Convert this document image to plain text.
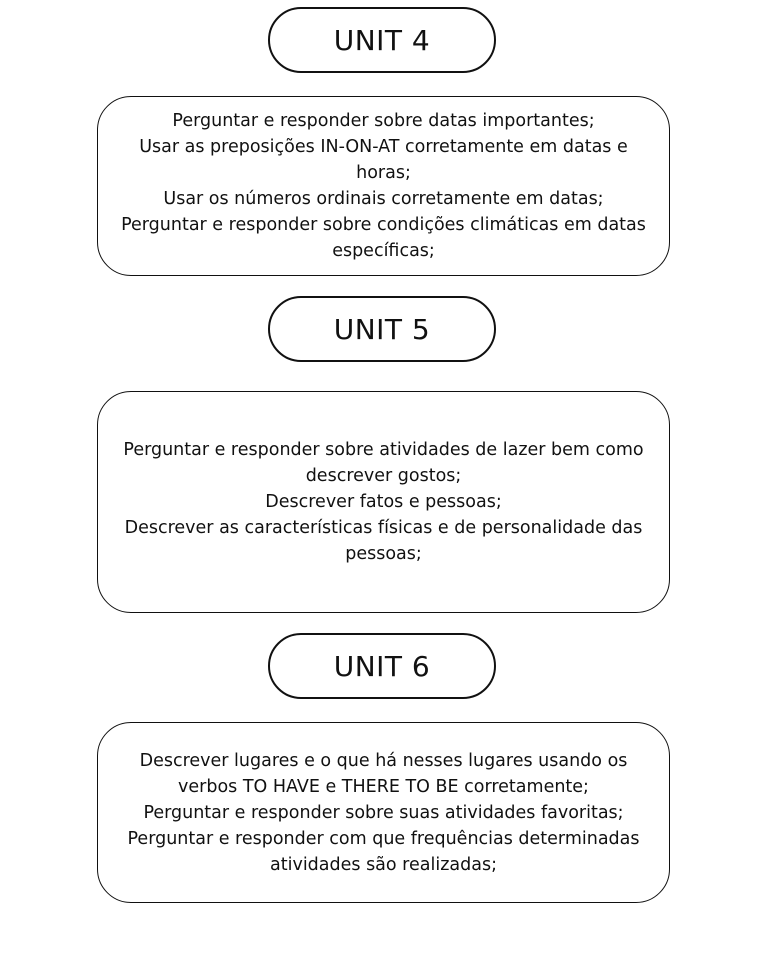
UNIT 4
Perguntar e responder sobre datas importantes;
Usar as preposições IN-ON-AT corretamente em datas e
horas;
Usar os números ordinais corretamente em datas;
Perguntar e responder sobre condições climáticas em datas
específicas;
UNIT 5
Perguntar e responder sobre atividades de lazer bem como
descrever gostos;
Descrever fatos e pessoas;
Descrever as características físicas e de personalidade das
pessoas;
UNIT 6
Descrever lugares e o que há nesses lugares usando os
verbos TO HAVE e THERE TO BE corretamente;
Perguntar e responder sobre suas atividades favoritas;
Perguntar e responder com que frequências determinadas
atividades são realizadas;
